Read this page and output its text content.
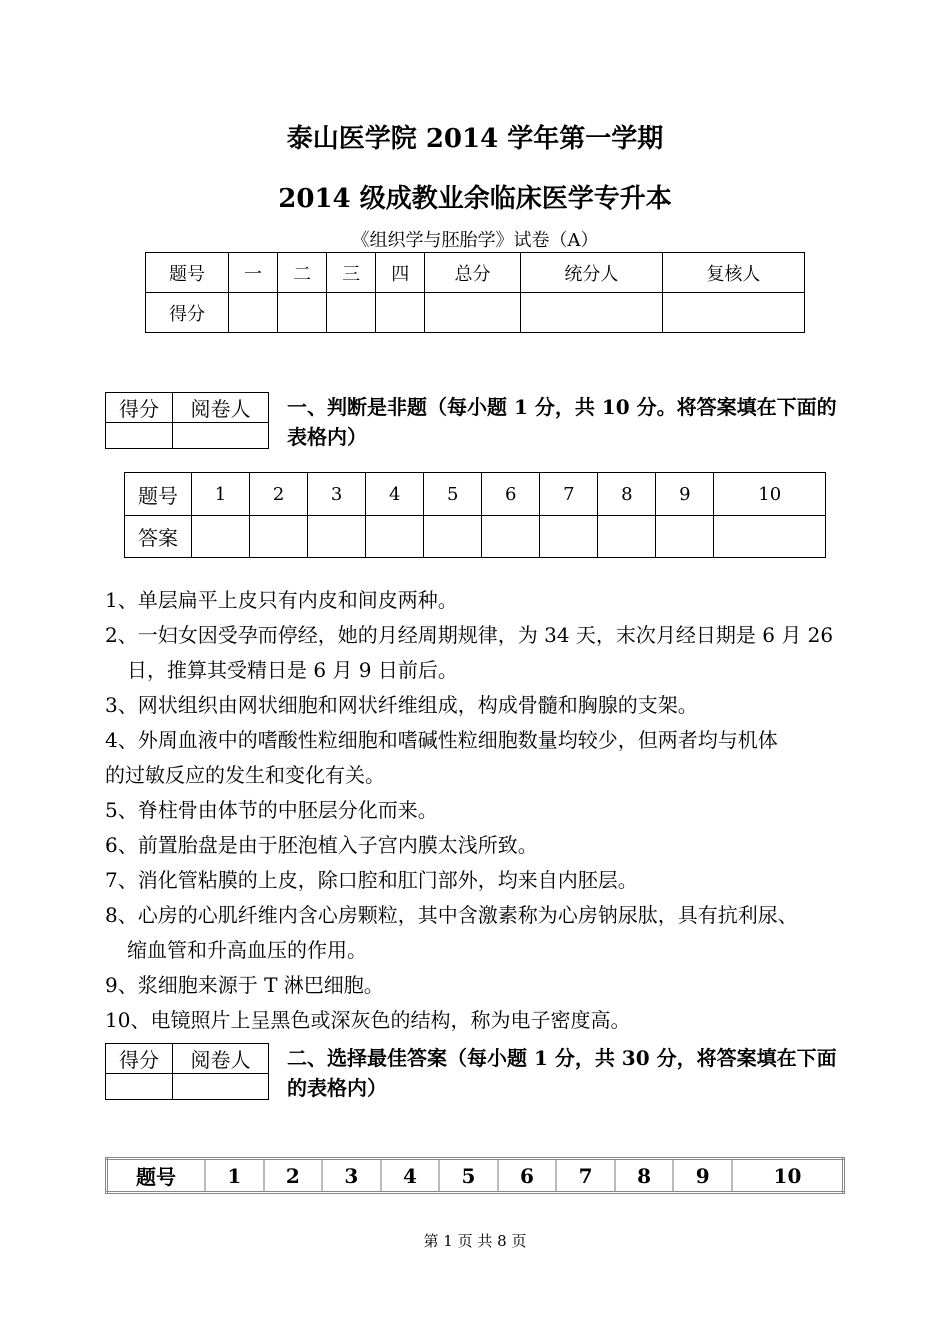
泰山医学院 2014 学年第一学期
2014 级成教业余临床医学专升本
《组织学与胚胎学》试卷（A）
题号	一	二	三	四	总分	统分人	复核人
得分							
得分	阅卷人
	一、判断是非题（每小题 1 分，共 10 分。将答案填在下面的
表格内）
题号	1	2	3	4	5	6	7	8	9	10
答案										
1、单层扁平上皮只有内皮和间皮两种。
2、一妇女因受孕而停经，她的月经周期规律，为 34 天，末次月经日期是 6 月 26
日，推算其受精日是 6 月 9 日前后。
3、网状组织由网状细胞和网状纤维组成，构成骨髓和胸腺的支架。
4、外周血液中的嗜酸性粒细胞和嗜碱性粒细胞数量均较少，但两者均与机体
的过敏反应的发生和变化有关。
5、脊柱骨由体节的中胚层分化而来。
6、前置胎盘是由于胚泡植入子宫内膜太浅所致。
7、消化管粘膜的上皮，除口腔和肛门部外，均来自内胚层。
8、心房的心肌纤维内含心房颗粒，其中含激素称为心房钠尿肽，具有抗利尿、
缩血管和升高血压的作用。
9、浆细胞来源于 T 淋巴细胞。
10、电镜照片上呈黑色或深灰色的结构，称为电子密度高。
得分	阅卷人
	二、选择最佳答案（每小题 1 分，共 30 分，将答案填在下面
的表格内）
题号	1	2	3	4	5	6	7	8	9	10
第 1 页 共 8 页
